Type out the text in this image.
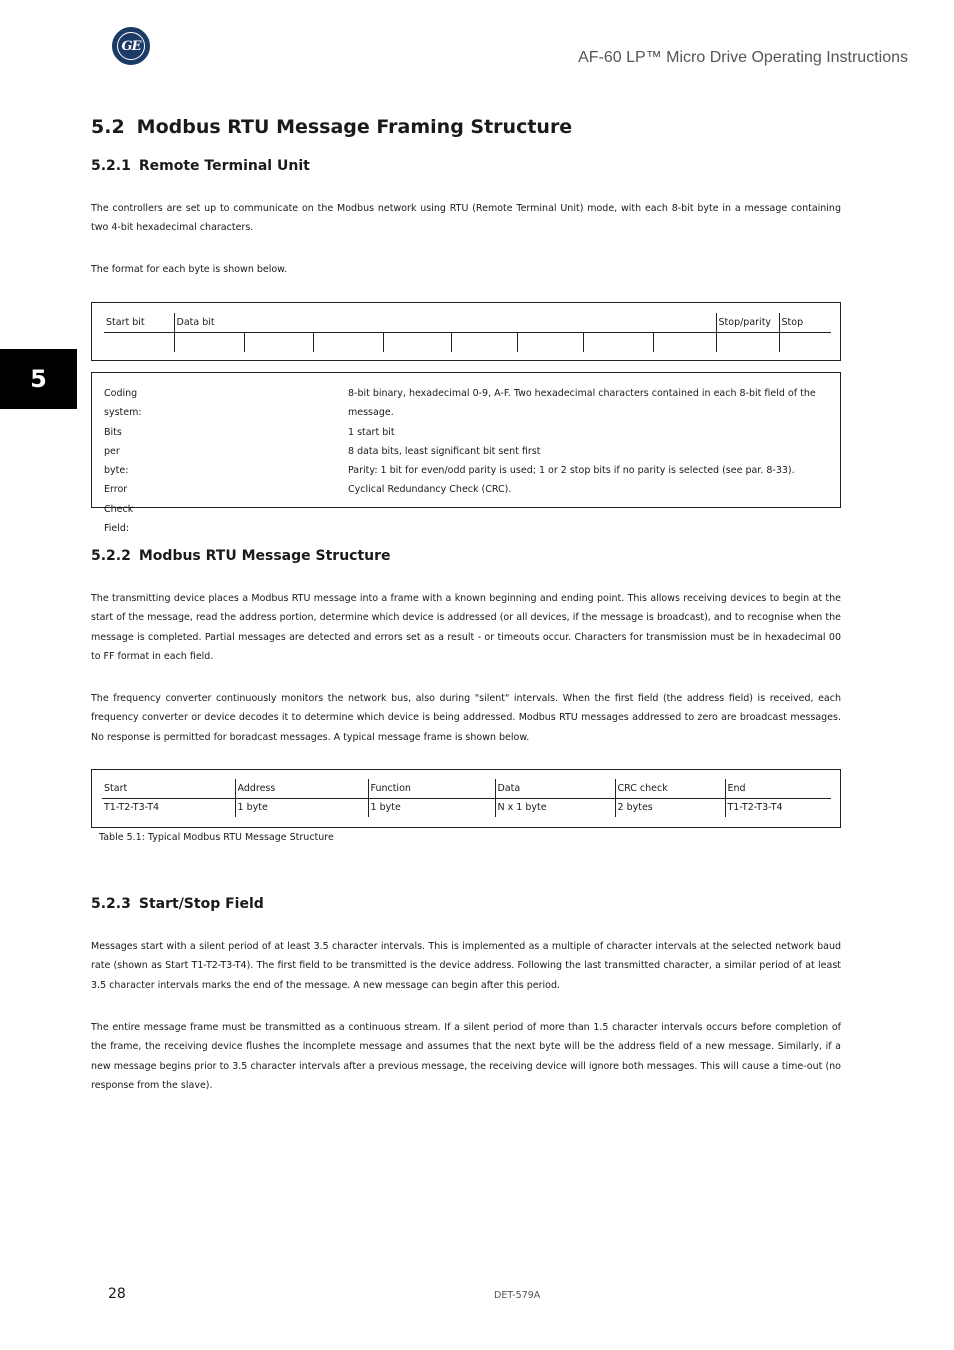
GE
AF-60 LP™ Micro Drive Operating Instructions
5
5.2 Modbus RTU Message Framing Structure
5.2.1 Remote Terminal Unit

The controllers are set up to communicate on the Modbus network using RTU (Remote Terminal Unit) mode, with each 8-bit byte in a message containing two 4-bit hexadecimal characters.

The format for each byte is shown below.

Start bit	Data bit								Stop/parity	Stop

Coding system:
8-bit binary, hexadecimal 0-9, A-F. Two hexadecimal characters contained in each 8-bit field of the
message.
Bits per byte:
1 start bit
8 data bits, least significant bit sent first
Parity: 1 bit for even/odd parity is used; 1 or 2 stop bits if no parity is selected (see par. 8-33).
Error Check Field:
Cyclical Redundancy Check (CRC).
5.2.2 Modbus RTU Message Structure

The transmitting device places a Modbus RTU message into a frame with a known beginning and ending point. This allows receiving devices to begin at the start of the message, read the address portion, determine which device is addressed (or all devices, if the message is broadcast), and to recognise when the message is completed. Partial messages are detected and errors set as a result - or timeouts occur. Characters for transmission must be in hexadecimal 00 to FF format in each field.

The frequency converter continuously monitors the network bus, also during "silent" intervals. When the first field (the address field) is received, each frequency converter or device decodes it to determine which device is being addressed. Modbus RTU messages addressed to zero are broadcast messages. No response is permitted for boradcast messages. A typical message frame is shown below.

Start	Address	Function	Data	CRC check	End
T1-T2-T3-T4	1 byte	1 byte	N x 1 byte	2 bytes	T1-T2-T3-T4
Table 5.1: Typical Modbus RTU Message Structure
5.2.3 Start/Stop Field

Messages start with a silent period of at least 3.5 character intervals. This is implemented as a multiple of character intervals at the selected network baud rate (shown as Start T1-T2-T3-T4). The first field to be transmitted is the device address. Following the last transmitted character, a similar period of at least 3.5 character intervals marks the end of the message. A new message can begin after this period.

The entire message frame must be transmitted as a continuous stream. If a silent period of more than 1.5 character intervals occurs before completion of the frame, the receiving device flushes the incomplete message and assumes that the next byte will be the address field of a new message. Similarly, if a new message begins prior to 3.5 character intervals after a previous message, the receiving device will ignore both messages. This will cause a time-out (no response from the slave).

28	DET-579A
